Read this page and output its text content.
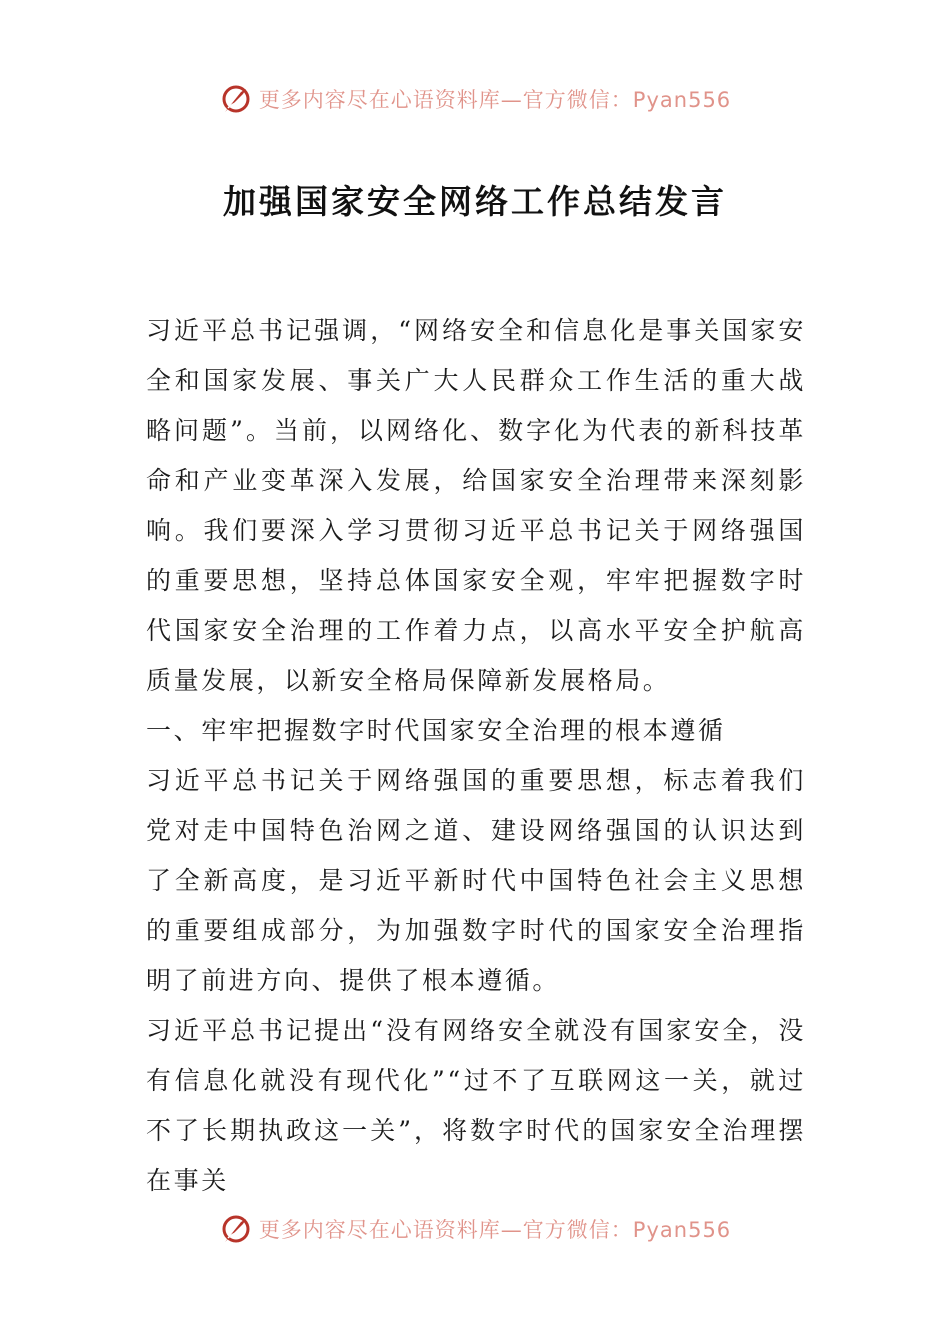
更多内容尽在心语资料库—官方微信：Pyan556
加强国家安全网络工作总结发言

习近平总书记强调，“网络安全和信息化是事关国家安全和国家发展、事关广大人民群众工作生活的重大战略问题”。当前，以网络化、数字化为代表的新科技革命和产业变革深入发展，给国家安全治理带来深刻影响。我们要深入学习贯彻习近平总书记关于网络强国的重要思想，坚持总体国家安全观，牢牢把握数字时代国家安全治理的工作着力点，以高水平安全护航高质量发展，以新安全格局保障新发展格局。

一、牢牢把握数字时代国家安全治理的根本遵循

习近平总书记关于网络强国的重要思想，标志着我们党对走中国特色治网之道、建设网络强国的认识达到了全新高度，是习近平新时代中国特色社会主义思想的重要组成部分，为加强数字时代的国家安全治理指明了前进方向、提供了根本遵循。

习近平总书记提出“没有网络安全就没有国家安全，没有信息化就没有现代化”“过不了互联网这一关，就过不了长期执政这一关”，将数字时代的国家安全治理摆在事关

更多内容尽在心语资料库—官方微信：Pyan556
